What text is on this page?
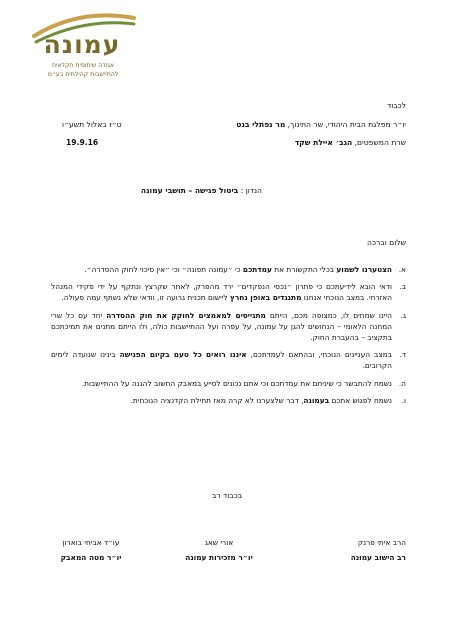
עמונה
אגודה שיתופית חקלאית
להתיישבות קהילתית בע״מ
לכבוד
יו״ר מפלגת הבית היהודי, שר החינוך, מר נפתלי בנט
ט״ז באלול תשע״ו
שרת המשפטים, הגב׳ איילת שקד
19.9.16
הנדון : ביטול פגישה – תושבי עמונה
שלום וברכה
א.

הצטערנו לשמוע בכלי התקשורת את עמדתכם כי ״עמונה תפונה״ וכי ״אין סיכוי לחוק ההסדרה״.

ב.

ודאי הובא לידיעתכם כי פתרון ״נכסי הנפקדים״ ירד מהפרק, לאחר שקרצץ ונתקף על ידי פקידי המנהל האזרחי. במצב הנוכחי אנחנו מתנגדים באופן נחרץ ליישום תכנית גרועה זו, וודאי שלא נשתף עמה פעולה.

ג.

היינו שמחים לו, כמצופה מכם, הייתם מתגייסים למאמצים לחוקק את חוק ההסדרה יחד עם כל שרי המחנה הלאומי – הנחושים להגן על עמונה, על עפרה ועל ההתיישבות כולה, ולו הייתם מתנים את תמיכתכם בתקציב – בהעברת החוק.

ד.

במצב העניינים הנוכחי, ובהתאם לעמדתכם, איננו רואים כל טעם בקיום הפגישה בינינו שנועדה לימים הקרובים.

ה.

נשמח להתבשר כי שיניתם את עמדתכם וכי אתם נכונים לסייע במאבק החשוב להגנה על ההתיישבות.

ו.

נשמח לפגוש אתכם בעמונה, דבר שלצערנו לא קרה מאז תחילת הקדנציה הנוכחית.

בכבוד רב
הרב איתי פרנק
רב הישוב עמונה
אורי שאג
יו״ר מזכירות עמונה
עו״ד אביחי בוארון
יו״ר מטה המאבק
